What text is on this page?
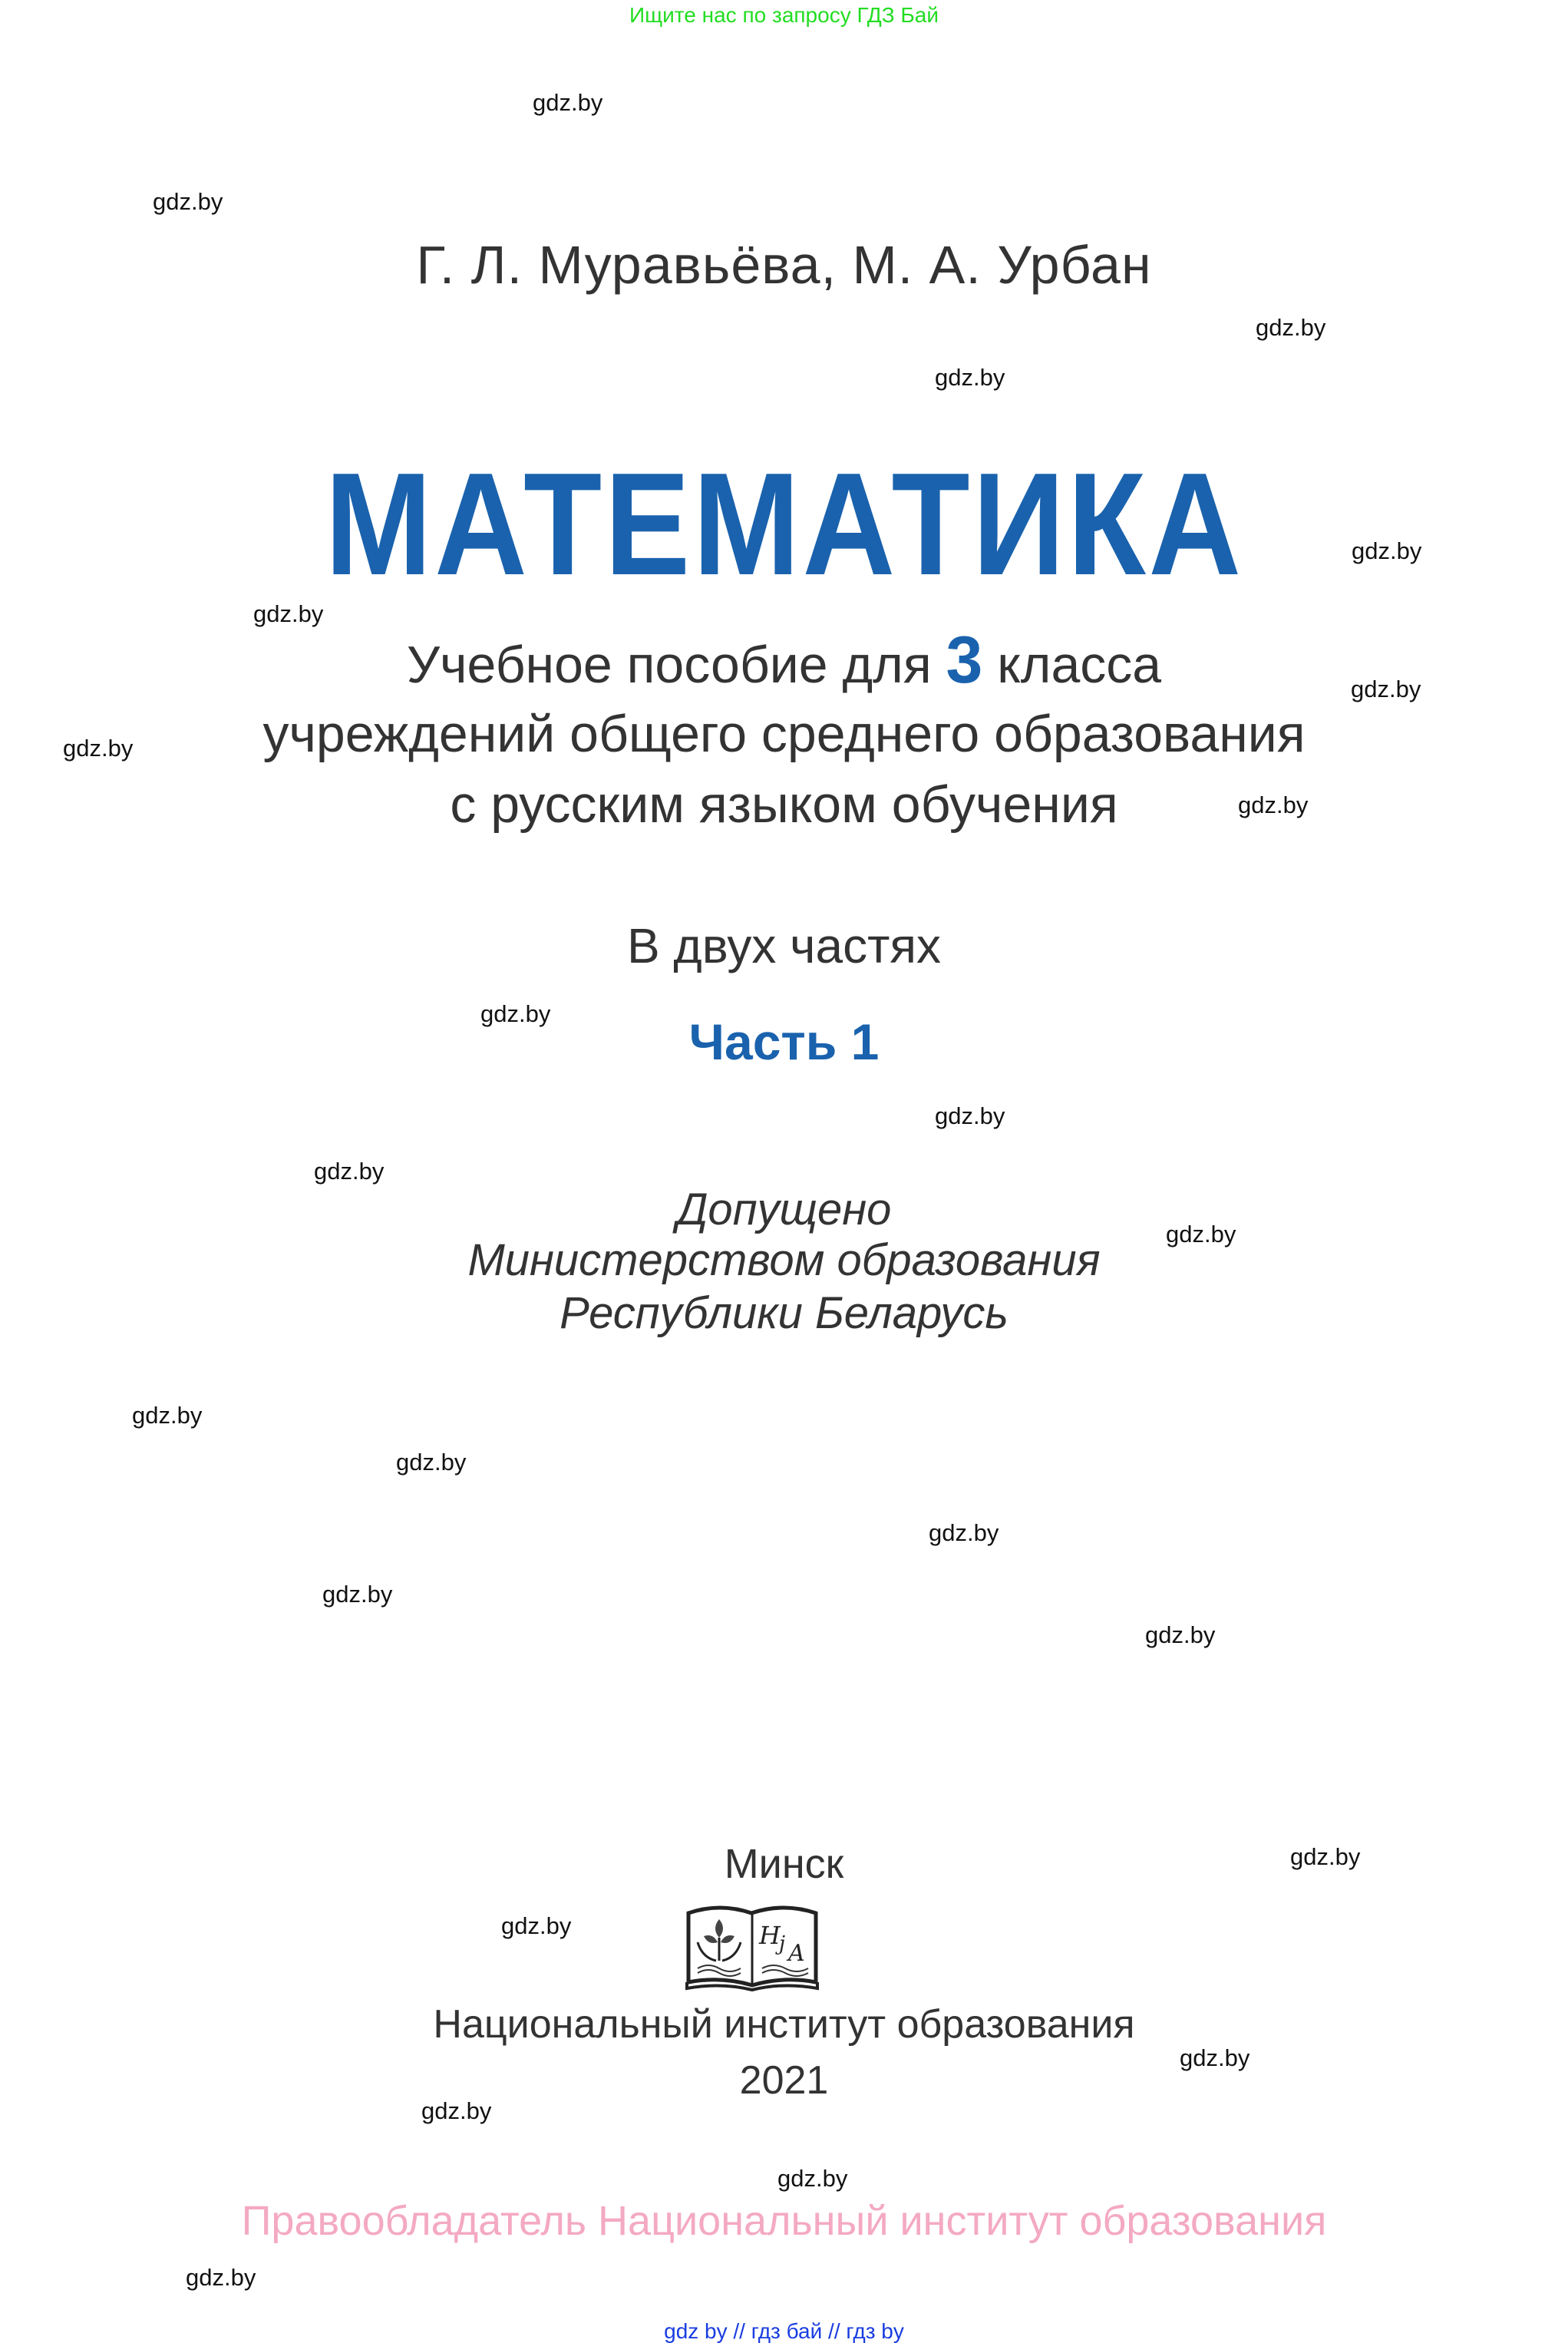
Ищите нас по запросу ГДЗ Бай
Г. Л. Муравьёва, М. А. Урбан
МАТЕМАТИКА
Учебное пособие для 3 класса
учреждений общего среднего образования
с русским языком обучения
В двух частях
Часть 1
Допущено
Министерством образования
Республики Беларусь
Минск
H
j A
Национальный институт образования
2021
Правообладатель Национальный институт образования
gdz by // гдз бай // гдз by
gdz.by
gdz.by
gdz.by
gdz.by
gdz.by
gdz.by
gdz.by
gdz.by
gdz.by
gdz.by
gdz.by
gdz.by
gdz.by
gdz.by
gdz.by
gdz.by
gdz.by
gdz.by
gdz.by
gdz.by
gdz.by
gdz.by
gdz.by
gdz.by
